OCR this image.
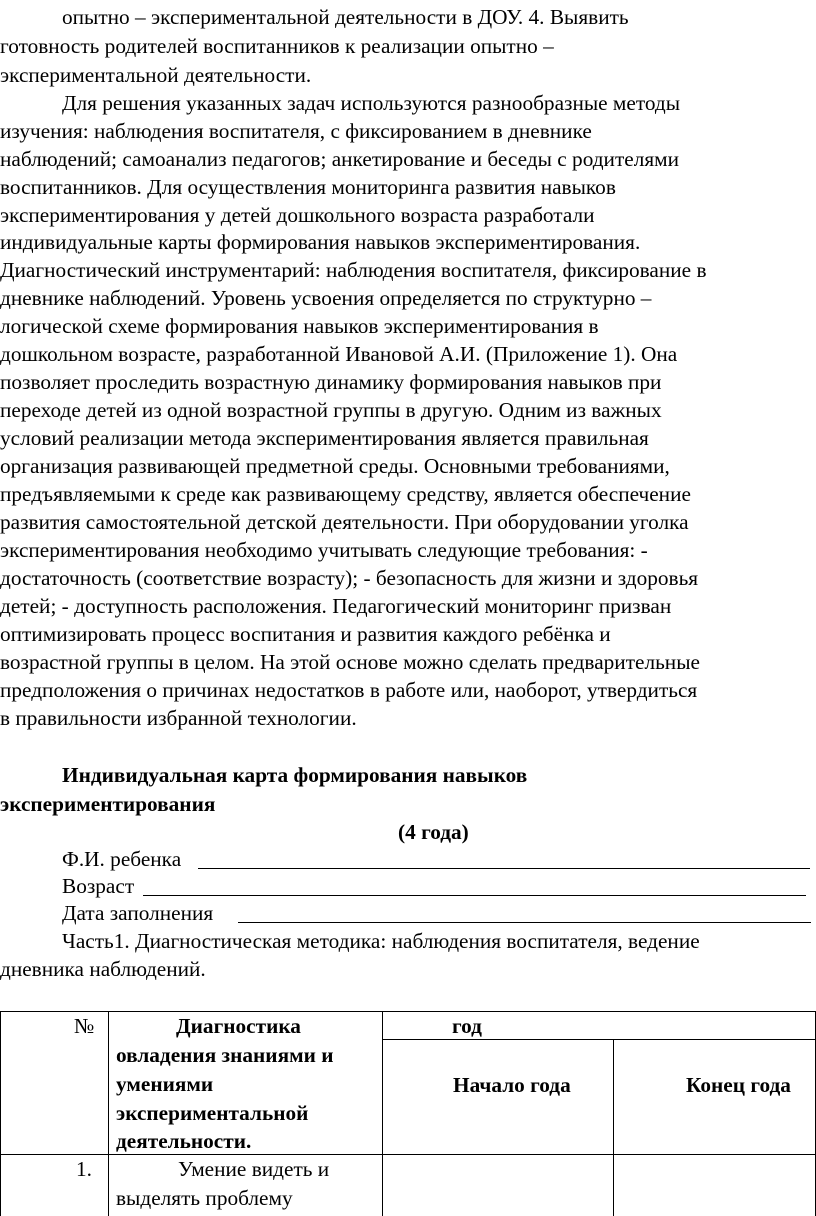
опытно – экспериментальной деятельности в ДОУ. 4. Выявить
готовность родителей воспитанников к реализации опытно –
экспериментальной деятельности.
Для решения указанных задач используются разнообразные методы
изучения: наблюдения воспитателя, с фиксированием в дневнике
наблюдений; самоанализ педагогов; анкетирование и беседы с родителями
воспитанников. Для осуществления мониторинга развития навыков
экспериментирования у детей дошкольного возраста разработали
индивидуальные карты формирования навыков экспериментирования.
Диагностический инструментарий: наблюдения воспитателя, фиксирование в
дневнике наблюдений. Уровень усвоения определяется по структурно –
логической схеме формирования навыков экспериментирования в
дошкольном возрасте, разработанной Ивановой А.И. (Приложение 1). Она
позволяет проследить возрастную динамику формирования навыков при
переходе детей из одной возрастной группы в другую. Одним из важных
условий реализации метода экспериментирования является правильная
организация развивающей предметной среды. Основными требованиями,
предъявляемыми к среде как развивающему средству, является обеспечение
развития самостоятельной детской деятельности. При оборудовании уголка
экспериментирования необходимо учитывать следующие требования: -
достаточность (соответствие возрасту); - безопасность для жизни и здоровья
детей; - доступность расположения. Педагогический мониторинг призван
оптимизировать процесс воспитания и развития каждого ребёнка и
возрастной группы в целом. На этой основе можно сделать предварительные
предположения о причинах недостатков в работе или, наоборот, утвердиться
в правильности избранной технологии.
Индивидуальная карта формирования навыков
экспериментирования
(4 года)
Ф.И. ребенка
Возраст
Дата заполнения
Часть1. Диагностическая методика: наблюдения воспитателя, ведение
дневника наблюдений.
№	Диагностика
овладения знаниями и
умениями
экспериментальной
деятельности.
год
Начало года	Конец года
1.	Умение видеть и
выделять проблему
